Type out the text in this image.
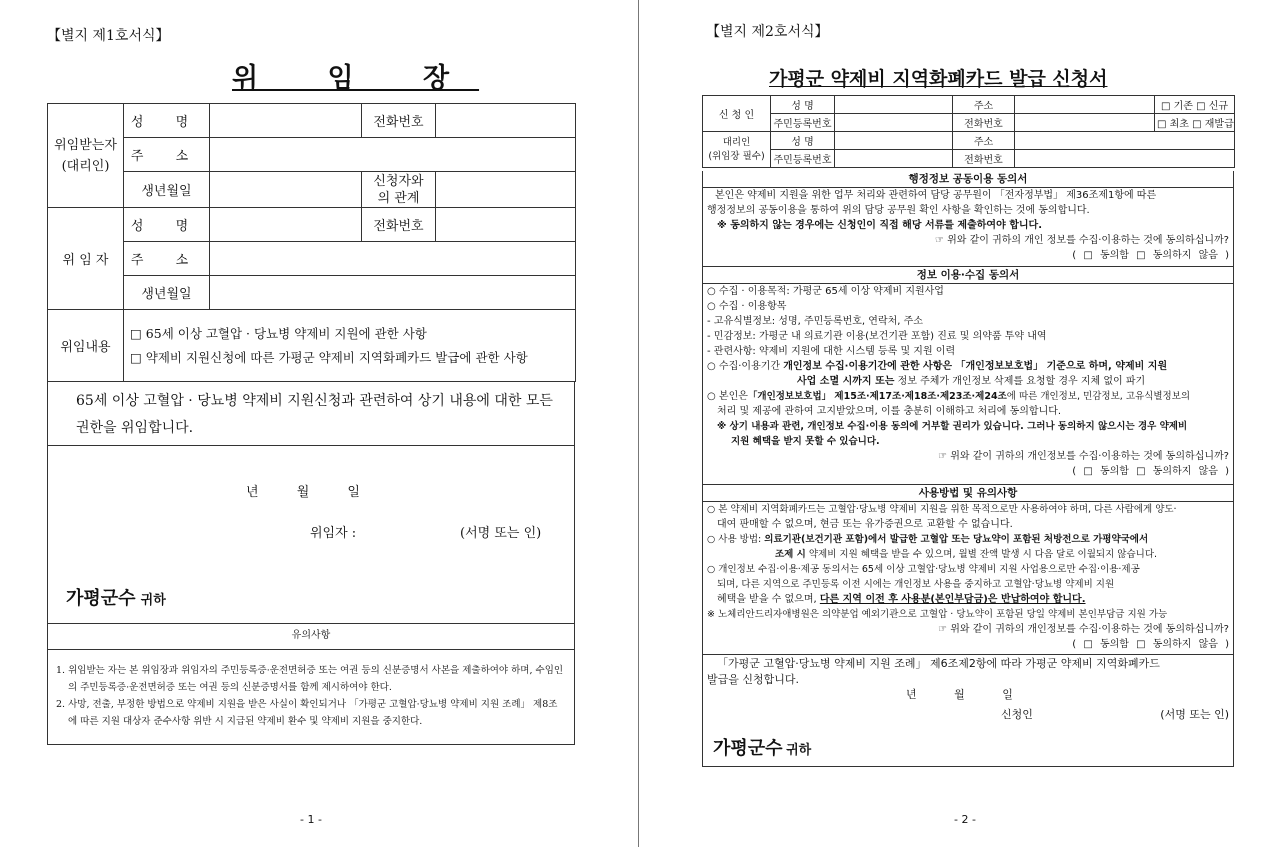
【별지 제1호서식】
위 임 장
위임받는자
(대리인)	성 명		전화번호	
	주 소			
	생년월일		신청자와
의 관계	
위 임 자	성 명		전화번호	
	주 소			
	생년월일			
위임내용	□ 65세 이상 고혈압 · 당뇨병 약제비 지원에 관한 사항
□ 약제비 지원신청에 따른 가평군 약제비 지역화폐카드 발급에 관한 사항			
65세 이상 고혈압 · 당뇨병 약제비 지원신청과 관련하여 상기 내용에 대한 모든 권한을 위임합니다.
년 월 일
위임자 :	(서명 또는 인)
가평군수 귀하
유의사항
1. 위임받는 자는 본 위임장과 위임자의 주민등록증·운전면허증 또는 여권 등의 신분증명서 사본을 제출하여야 하며, 수임인의 주민등록증·운전면허증 또는 여권 등의 신분증명서를 함께 제시하여야 한다.
2. 사망, 전출, 부정한 방법으로 약제비 지원을 받은 사실이 확인되거나 「가평군 고혈압·당뇨병 약제비 지원 조례」 제8조에 따른 지원 대상자 준수사항 위반 시 지급된 약제비 환수 및 약제비 지원을 중지한다.
- 1 -
【별지 제2호서식】
가평군 약제비 지역화폐카드 발급 신청서
신 청 인	성 명		주소		□ 기존 □ 신규
	주민등록번호		전화번호		□ 최초 □ 재발급
대리인
(위임장 필수)	성 명		주소		
	주민등록번호		전화번호		
행정정보 공동이용 동의서
본인은 약제비 지원을 위한 업무 처리와 관련하여 담당 공무원이 「전자정부법」 제36조제1항에 따른
행정정보의 공동이용을 통하여 위의 담당 공무원 확인 사항을 확인하는 것에 동의합니다.
※ 동의하지 않는 경우에는 신청인이 직접 해당 서류를 제출하여야 합니다.
☞ 위와 같이 귀하의 개인 정보를 수집·이용하는 것에 동의하십니까?
( □ 동의함 □ 동의하지 않음 )
정보 이용·수집 동의서
○ 수집 · 이용목적: 가평군 65세 이상 약제비 지원사업
○ 수집 · 이용항목
- 고유식별정보: 성명, 주민등록번호, 연락처, 주소
- 민감정보: 가평군 내 의료기관 이용(보건기관 포함) 진료 및 의약품 투약 내역
- 관련사항: 약제비 지원에 대한 시스템 등록 및 지원 이력
○ 수집·이용기간 개인정보 수집·이용기간에 관한 사항은 「개인정보보호법」 기준으로 하며, 약제비 지원
사업 소멸 시까지 또는 정보 주체가 개인정보 삭제를 요청할 경우 지체 없이 파기
○ 본인은「개인정보보호법」 제15조·제17조·제18조·제23조·제24조에 따른 개인정보, 민감정보, 고유식별정보의
처리 및 제공에 관하여 고지받았으며, 이를 충분히 이해하고 처리에 동의합니다.
※ 상기 내용과 관련, 개인정보 수집·이용 동의에 거부할 권리가 있습니다. 그러나 동의하지 않으시는 경우 약제비
지원 혜택을 받지 못할 수 있습니다.
☞ 위와 같이 귀하의 개인정보를 수집·이용하는 것에 동의하십니까?
( □ 동의함 □ 동의하지 않음 )
사용방법 및 유의사항
○ 본 약제비 지역화폐카드는 고혈압·당뇨병 약제비 지원을 위한 목적으로만 사용하여야 하며, 다른 사람에게 양도·
대여 판매할 수 없으며, 현금 또는 유가증권으로 교환할 수 없습니다.
○ 사용 방법: 의료기관(보건기관 포함)에서 발급한 고혈압 또는 당뇨약이 포함된 처방전으로 가평약국에서
조제 시 약제비 지원 혜택을 받을 수 있으며, 월별 잔액 발생 시 다음 달로 이월되지 않습니다.
○ 개인정보 수집·이용·제공 동의서는 65세 이상 고혈압·당뇨병 약제비 지원 사업용으로만 수집·이용·제공
되며, 다른 지역으로 주민등록 이전 시에는 개인정보 사용을 중지하고 고혈압·당뇨병 약제비 지원
혜택을 받을 수 없으며, 다른 지역 이전 후 사용분(본인부담금)은 반납하여야 합니다.
※ 노체리안드리자애병원은 의약분업 예외기관으로 고혈압 · 당뇨약이 포함된 당일 약제비 본인부담금 지원 가능
☞ 위와 같이 귀하의 개인정보를 수집·이용하는 것에 동의하십니까?
( □ 동의함 □ 동의하지 않음 )
「가평군 고혈압·당뇨병 약제비 지원 조례」 제6조제2항에 따라 가평군 약제비 지역화폐카드
발급을 신청합니다.
년 월 일
신청인	(서명 또는 인)
가평군수 귀하
- 2 -
